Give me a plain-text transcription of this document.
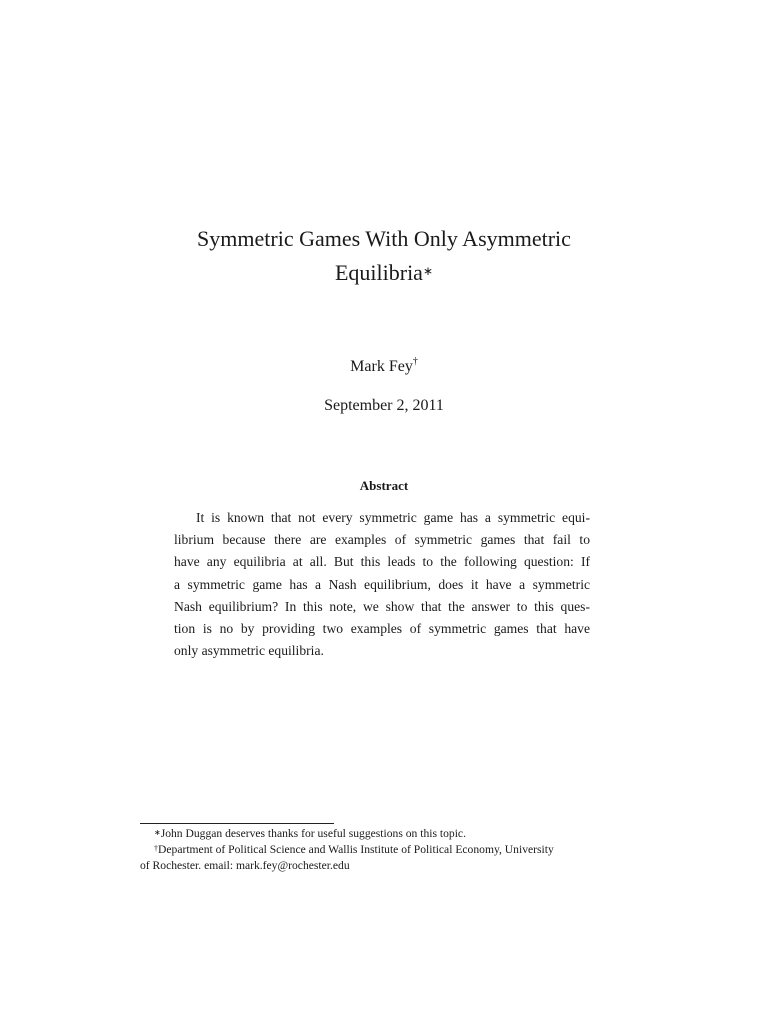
Symmetric Games With Only Asymmetric
Equilibria∗
Mark Fey†
September 2, 2011
Abstract
It is known that not every symmetric game has a symmetric equi-
librium because there are examples of symmetric games that fail to
have any equilibria at all. But this leads to the following question: If
a symmetric game has a Nash equilibrium, does it have a symmetric
Nash equilibrium? In this note, we show that the answer to this ques-
tion is no by providing two examples of symmetric games that have
only asymmetric equilibria.
∗John Duggan deserves thanks for useful suggestions on this topic.
†Department of Political Science and Wallis Institute of Political Economy, University
of Rochester. email: mark.fey@rochester.edu
